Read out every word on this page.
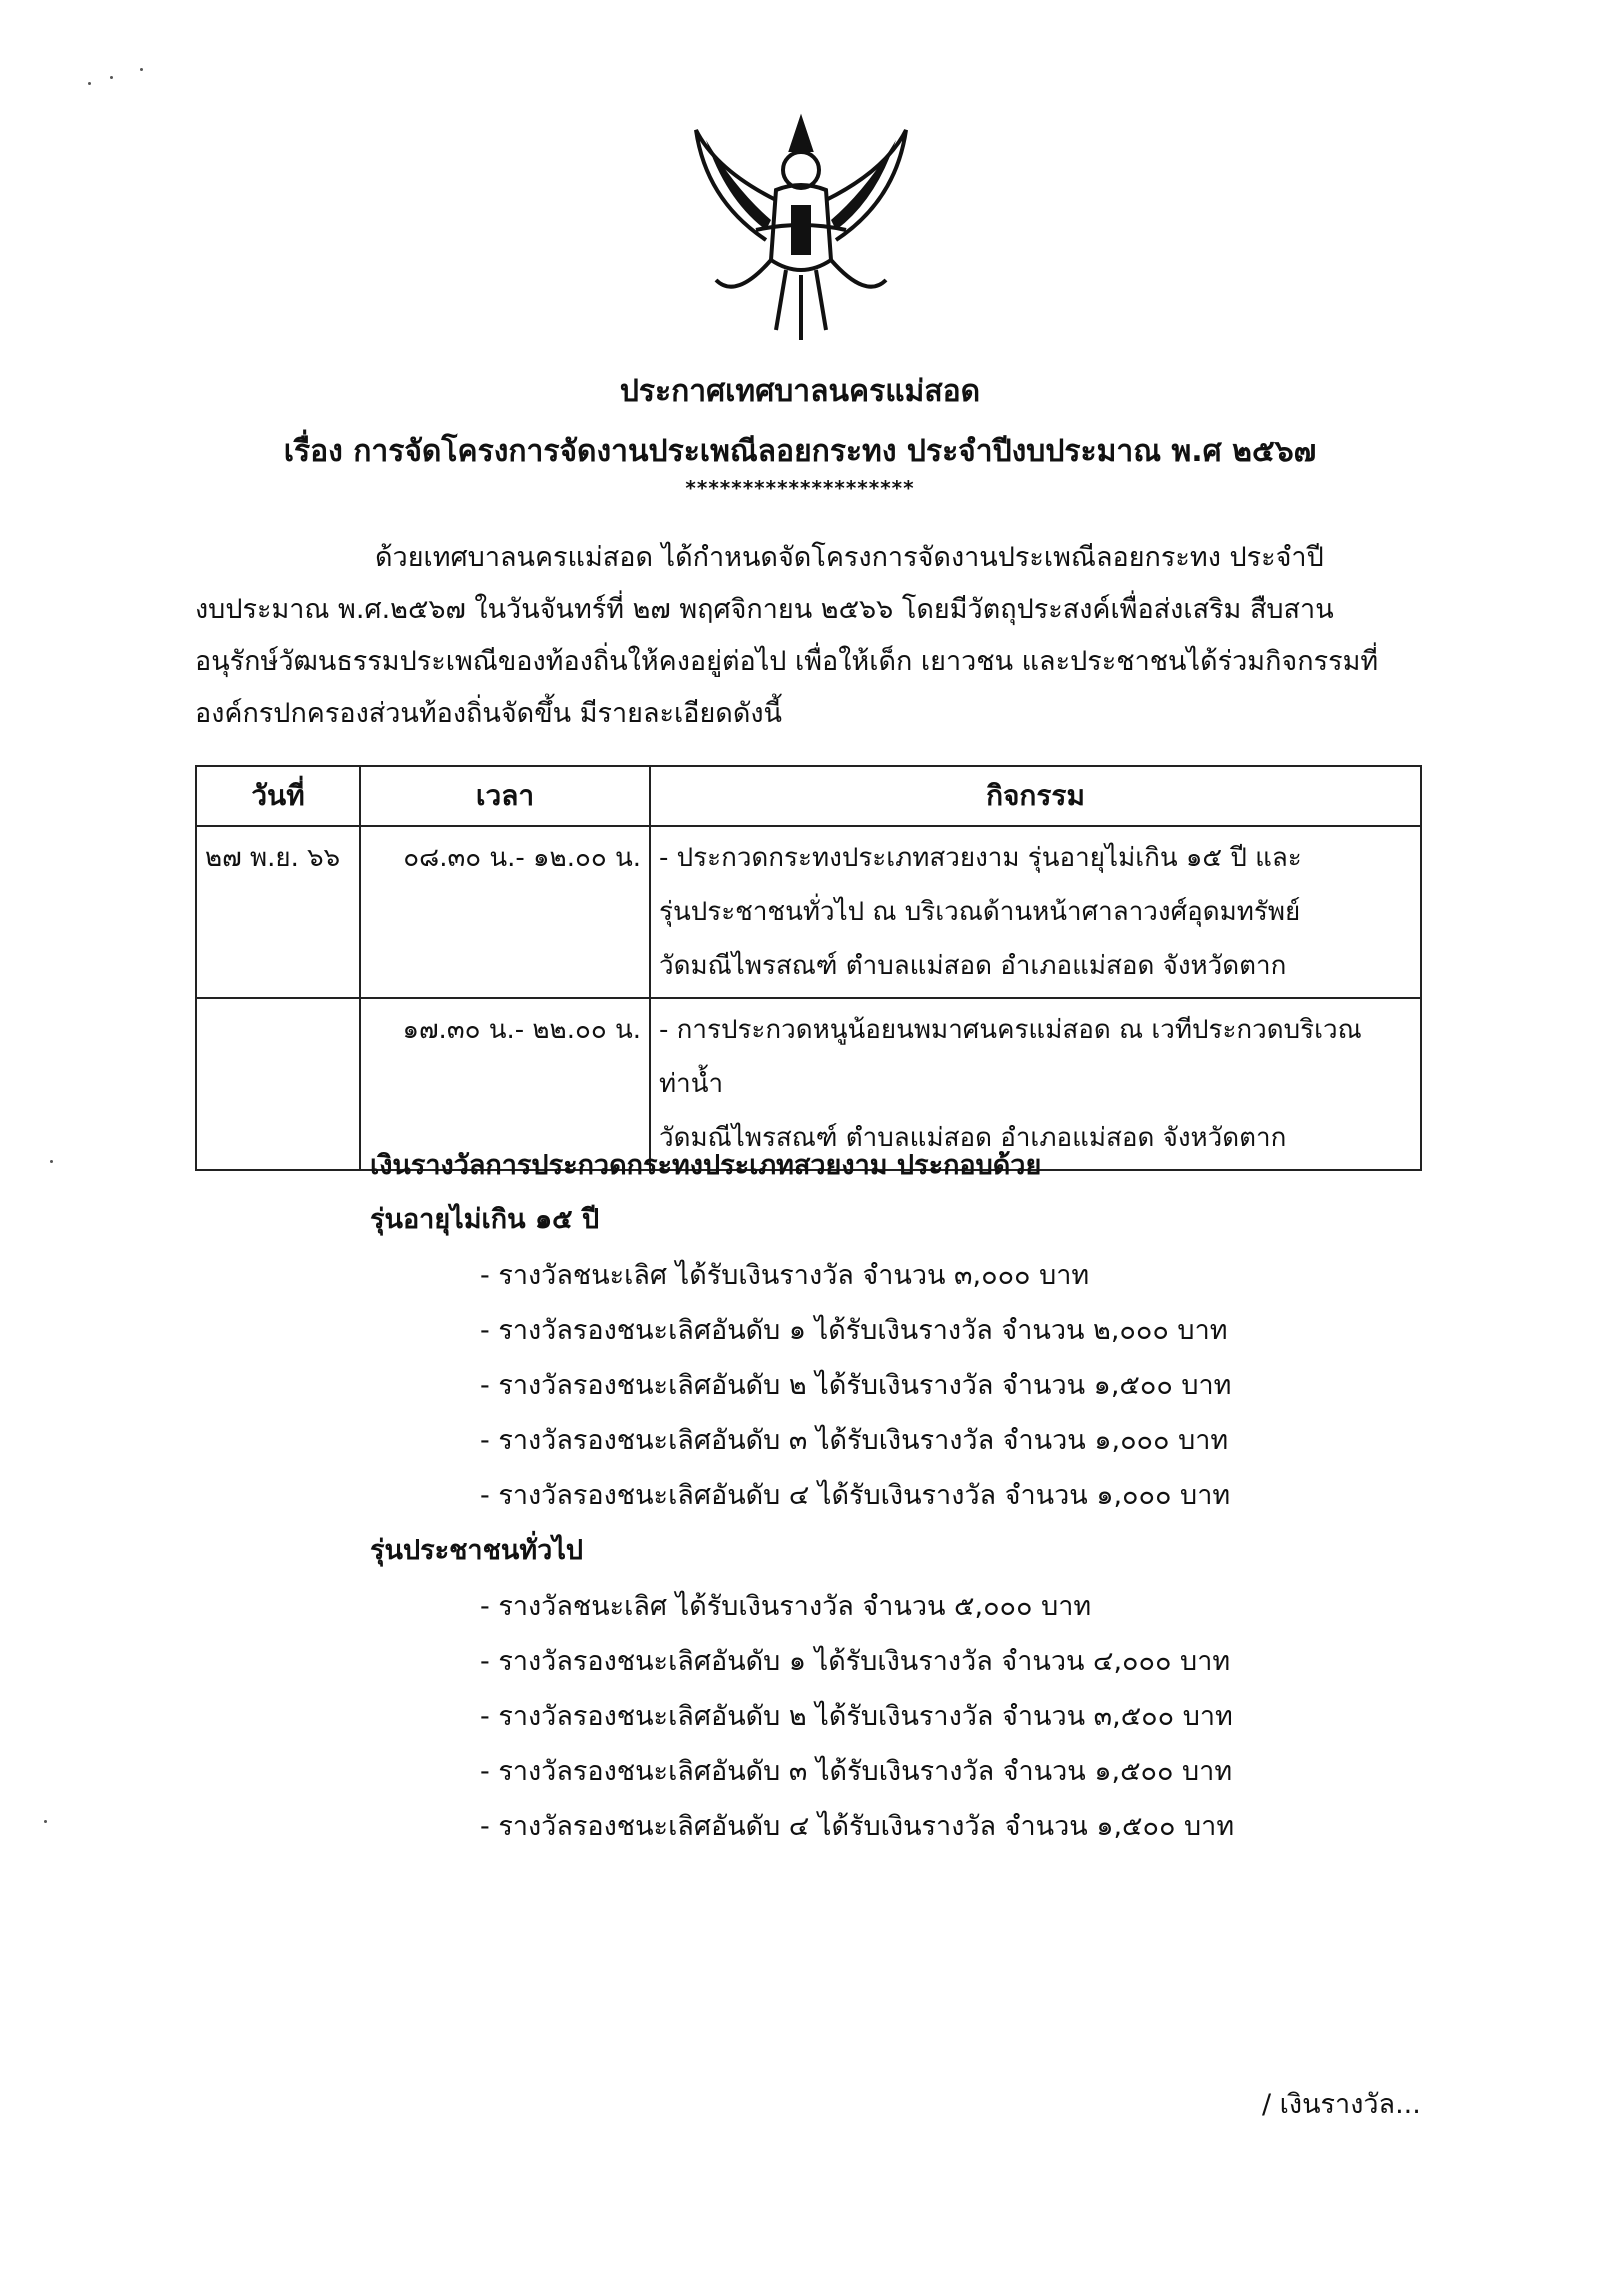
ประกาศเทศบาลนครแม่สอด
เรื่อง การจัดโครงการจัดงานประเพณีลอยกระทง ประจำปีงบประมาณ พ.ศ ๒๕๖๗
********************
ด้วยเทศบาลนครแม่สอด ได้กำหนดจัดโครงการจัดงานประเพณีลอยกระทง ประจำปี
งบประมาณ พ.ศ.๒๕๖๗ ในวันจันทร์ที่ ๒๗ พฤศจิกายน ๒๕๖๖ โดยมีวัตถุประสงค์เพื่อส่งเสริม สืบสาน
อนุรักษ์วัฒนธรรมประเพณีของท้องถิ่นให้คงอยู่ต่อไป เพื่อให้เด็ก เยาวชน และประชาชนได้ร่วมกิจกรรมที่
องค์กรปกครองส่วนท้องถิ่นจัดขึ้น มีรายละเอียดดังนี้
วันที่	เวลา	กิจกรรม
๒๗ พ.ย. ๖๖	๐๘.๓๐ น.- ๑๒.๐๐ น.	- ประกวดกระทงประเภทสวยงาม รุ่นอายุไม่เกิน ๑๕ ปี และ
รุ่นประชาชนทั่วไป ณ บริเวณด้านหน้าศาลาวงศ์อุดมทรัพย์
วัดมณีไพรสณฑ์ ตำบลแม่สอด อำเภอแม่สอด จังหวัดตาก

	๑๗.๓๐ น.- ๒๒.๐๐ น.	- การประกวดหนูน้อยนพมาศนครแม่สอด ณ เวทีประกวดบริเวณท่าน้ำ
วัดมณีไพรสณฑ์ ตำบลแม่สอด อำเภอแม่สอด จังหวัดตาก
เงินรางวัลการประกวดกระทงประเภทสวยงาม ประกอบด้วย
รุ่นอายุไม่เกิน ๑๕ ปี
- รางวัลชนะเลิศ ได้รับเงินรางวัล จำนวน ๓,๐๐๐ บาท
- รางวัลรองชนะเลิศอันดับ ๑ ได้รับเงินรางวัล จำนวน ๒,๐๐๐ บาท
- รางวัลรองชนะเลิศอันดับ ๒ ได้รับเงินรางวัล จำนวน ๑,๕๐๐ บาท
- รางวัลรองชนะเลิศอันดับ ๓ ได้รับเงินรางวัล จำนวน ๑,๐๐๐ บาท
- รางวัลรองชนะเลิศอันดับ ๔ ได้รับเงินรางวัล จำนวน ๑,๐๐๐ บาท
รุ่นประชาชนทั่วไป
- รางวัลชนะเลิศ ได้รับเงินรางวัล จำนวน ๕,๐๐๐ บาท
- รางวัลรองชนะเลิศอันดับ ๑ ได้รับเงินรางวัล จำนวน ๔,๐๐๐ บาท
- รางวัลรองชนะเลิศอันดับ ๒ ได้รับเงินรางวัล จำนวน ๓,๕๐๐ บาท
- รางวัลรองชนะเลิศอันดับ ๓ ได้รับเงินรางวัล จำนวน ๑,๕๐๐ บาท
- รางวัลรองชนะเลิศอันดับ ๔ ได้รับเงินรางวัล จำนวน ๑,๕๐๐ บาท
/ เงินรางวัล...
